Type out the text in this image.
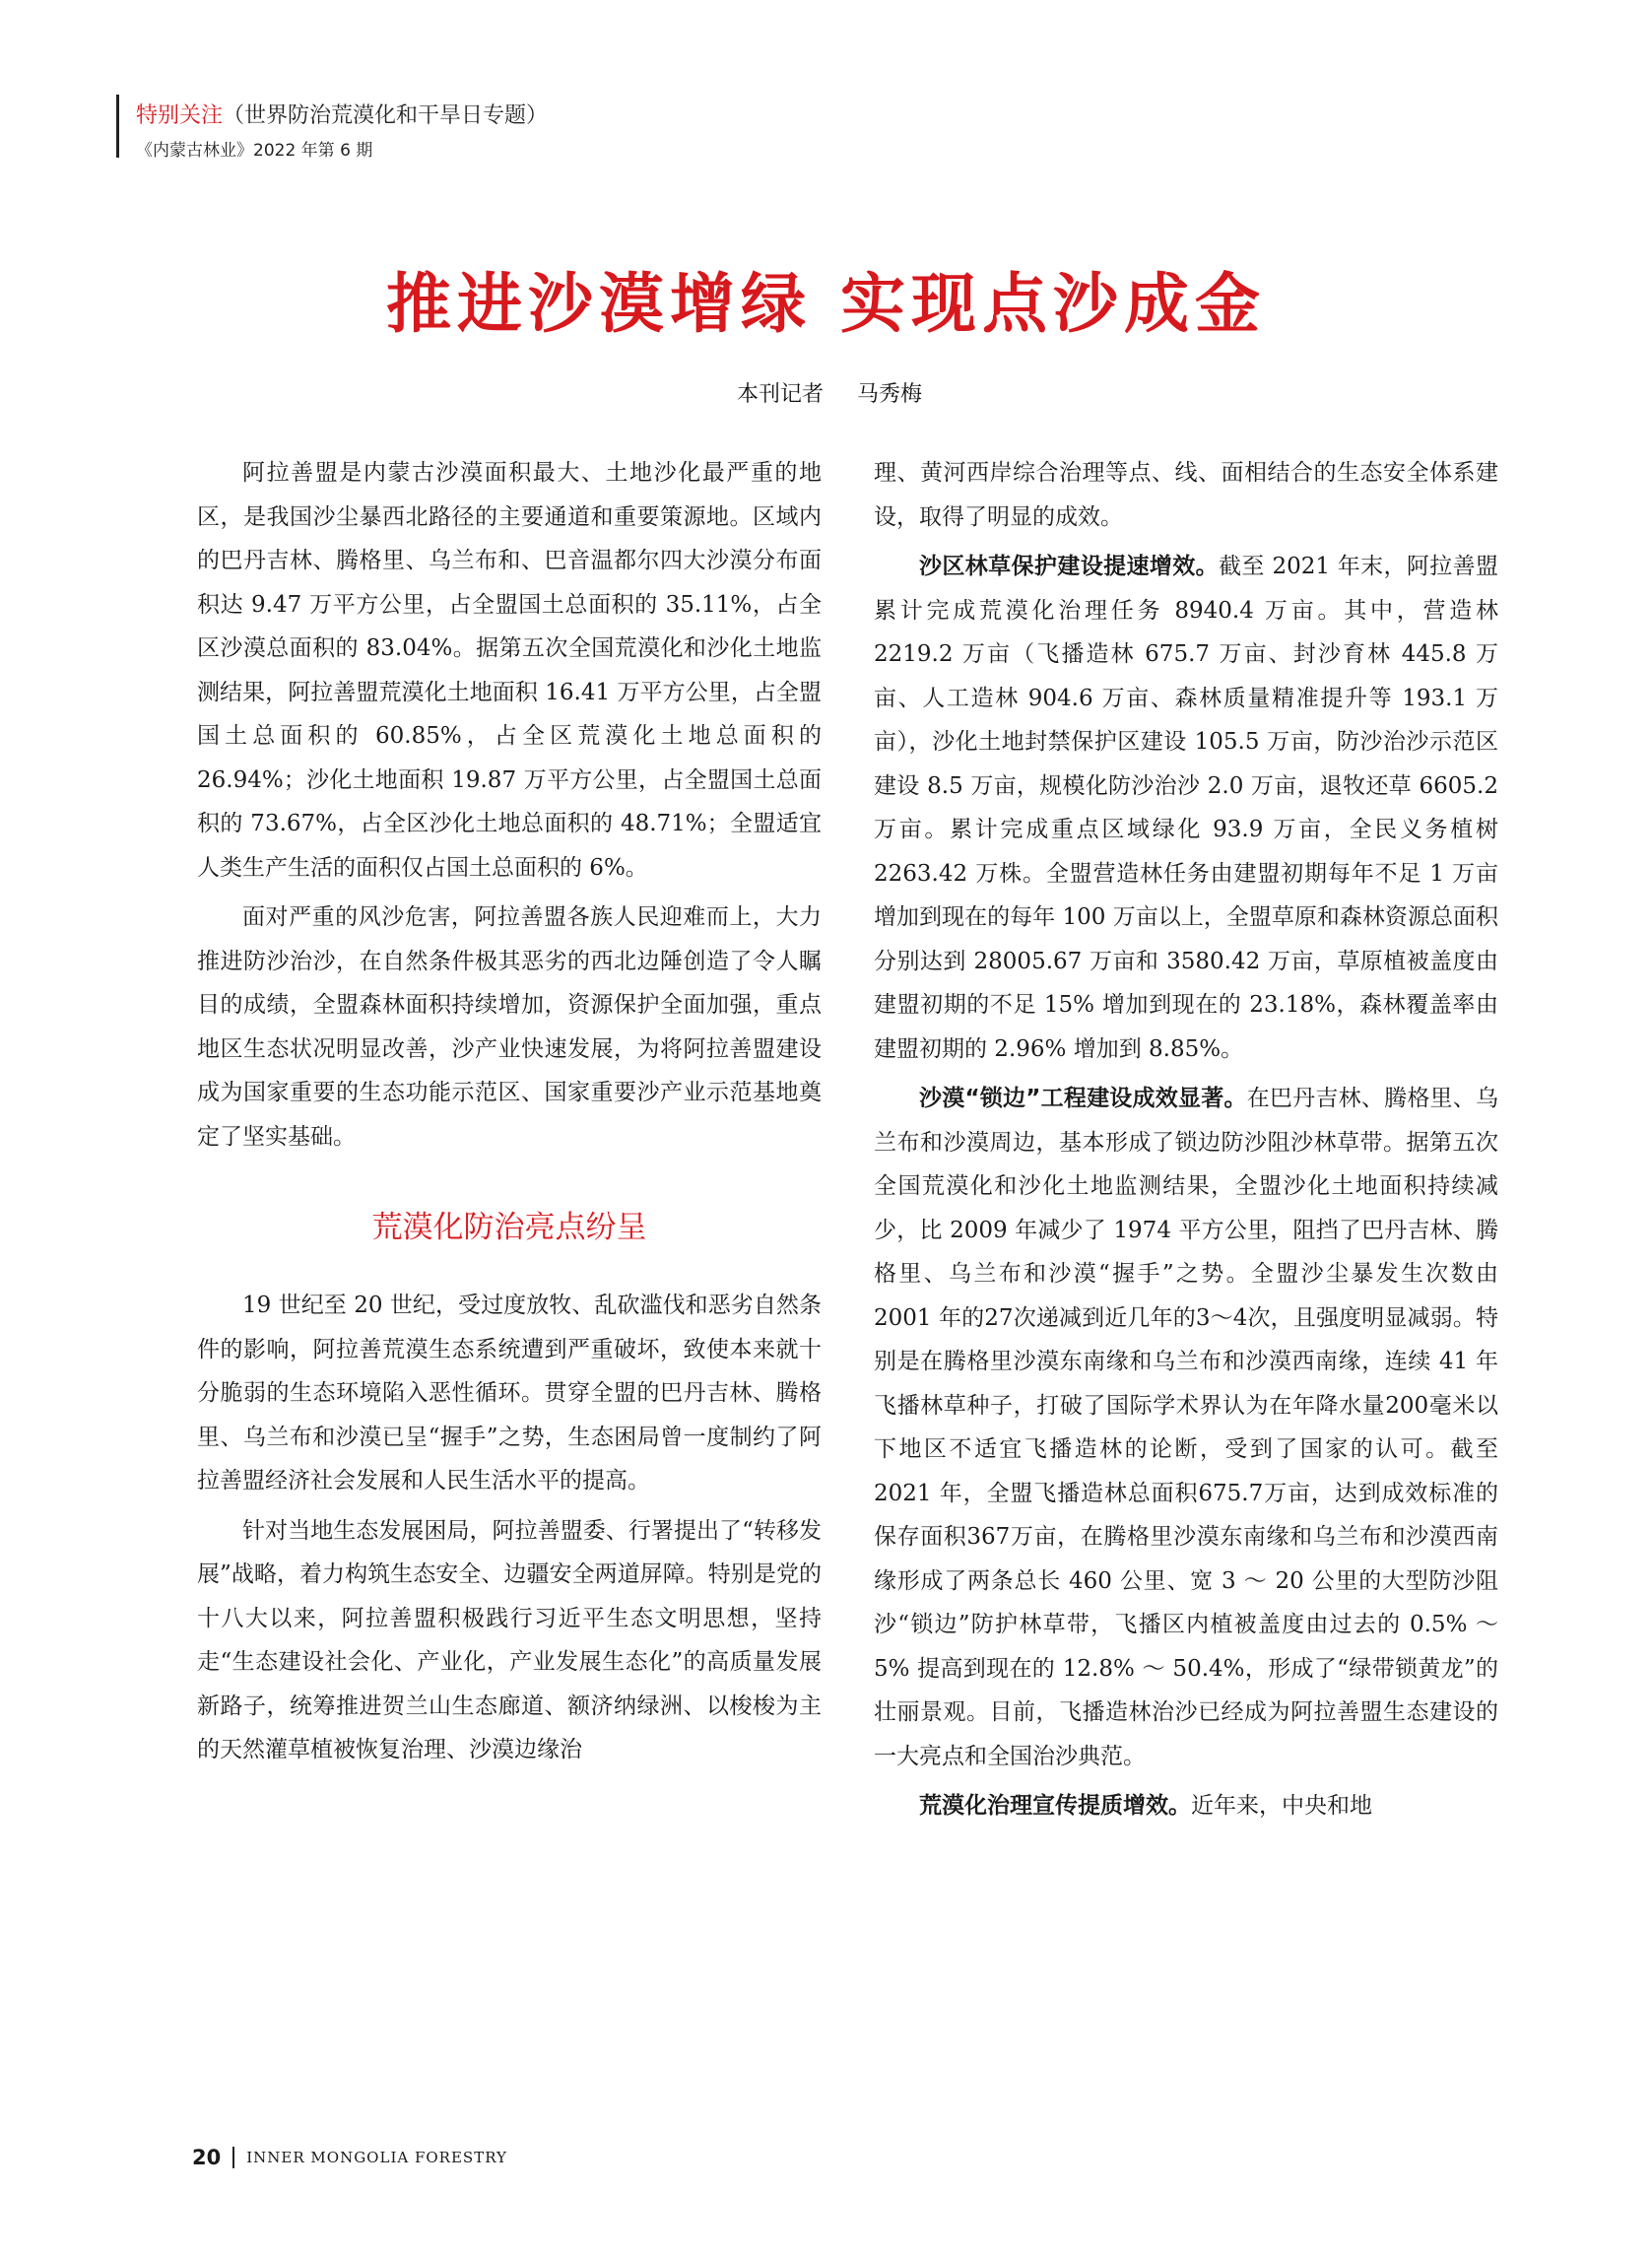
特别关注（世界防治荒漠化和干旱日专题）
《内蒙古林业》2022 年第 6 期
推进沙漠增绿 实现点沙成金
本刊记者 马秀梅

阿拉善盟是内蒙古沙漠面积最大、土地沙化最严重的地区，是我国沙尘暴西北路径的主要通道和重要策源地。区域内的巴丹吉林、腾格里、乌兰布和、巴音温都尔四大沙漠分布面积达 9.47 万平方公里，占全盟国土总面积的 35.11%，占全区沙漠总面积的 83.04%。据第五次全国荒漠化和沙化土地监测结果，阿拉善盟荒漠化土地面积 16.41 万平方公里，占全盟国土总面积的 60.85%，占全区荒漠化土地总面积的 26.94%；沙化土地面积 19.87 万平方公里，占全盟国土总面积的 73.67%，占全区沙化土地总面积的 48.71%；全盟适宜人类生产生活的面积仅占国土总面积的 6%。

面对严重的风沙危害，阿拉善盟各族人民迎难而上，大力推进防沙治沙，在自然条件极其恶劣的西北边陲创造了令人瞩目的成绩，全盟森林面积持续增加，资源保护全面加强，重点地区生态状况明显改善，沙产业快速发展，为将阿拉善盟建设成为国家重要的生态功能示范区、国家重要沙产业示范基地奠定了坚实基础。

荒漠化防治亮点纷呈

19 世纪至 20 世纪，受过度放牧、乱砍滥伐和恶劣自然条件的影响，阿拉善荒漠生态系统遭到严重破坏，致使本来就十分脆弱的生态环境陷入恶性循环。贯穿全盟的巴丹吉林、腾格里、乌兰布和沙漠已呈“握手”之势，生态困局曾一度制约了阿拉善盟经济社会发展和人民生活水平的提高。

针对当地生态发展困局，阿拉善盟委、行署提出了“转移发展”战略，着力构筑生态安全、边疆安全两道屏障。特别是党的十八大以来，阿拉善盟积极践行习近平生态文明思想，坚持走“生态建设社会化、产业化，产业发展生态化”的高质量发展新路子，统筹推进贺兰山生态廊道、额济纳绿洲、以梭梭为主的天然灌草植被恢复治理、沙漠边缘治

理、黄河西岸综合治理等点、线、面相结合的生态安全体系建设，取得了明显的成效。

沙区林草保护建设提速增效。截至 2021 年末，阿拉善盟累计完成荒漠化治理任务 8940.4 万亩。其中，营造林 2219.2 万亩（飞播造林 675.7 万亩、封沙育林 445.8 万亩、人工造林 904.6 万亩、森林质量精准提升等 193.1 万亩），沙化土地封禁保护区建设 105.5 万亩，防沙治沙示范区建设 8.5 万亩，规模化防沙治沙 2.0 万亩，退牧还草 6605.2 万亩。累计完成重点区域绿化 93.9 万亩，全民义务植树 2263.42 万株。全盟营造林任务由建盟初期每年不足 1 万亩增加到现在的每年 100 万亩以上，全盟草原和森林资源总面积分别达到 28005.67 万亩和 3580.42 万亩，草原植被盖度由建盟初期的不足 15% 增加到现在的 23.18%，森林覆盖率由建盟初期的 2.96% 增加到 8.85%。

沙漠“锁边”工程建设成效显著。在巴丹吉林、腾格里、乌兰布和沙漠周边，基本形成了锁边防沙阻沙林草带。据第五次全国荒漠化和沙化土地监测结果，全盟沙化土地面积持续减少，比 2009 年减少了 1974 平方公里，阻挡了巴丹吉林、腾格里、乌兰布和沙漠“握手”之势。全盟沙尘暴发生次数由 2001 年的27次递减到近几年的3～4次，且强度明显减弱。特别是在腾格里沙漠东南缘和乌兰布和沙漠西南缘，连续 41 年飞播林草种子，打破了国际学术界认为在年降水量200毫米以下地区不适宜飞播造林的论断，受到了国家的认可。截至 2021 年，全盟飞播造林总面积675.7万亩，达到成效标准的保存面积367万亩，在腾格里沙漠东南缘和乌兰布和沙漠西南缘形成了两条总长 460 公里、宽 3 ～ 20 公里的大型防沙阻沙“锁边”防护林草带，飞播区内植被盖度由过去的 0.5% ～ 5% 提高到现在的 12.8% ～ 50.4%，形成了“绿带锁黄龙”的壮丽景观。目前，飞播造林治沙已经成为阿拉善盟生态建设的一大亮点和全国治沙典范。

荒漠化治理宣传提质增效。近年来，中央和地

20 INNER MONGOLIA FORESTRY
